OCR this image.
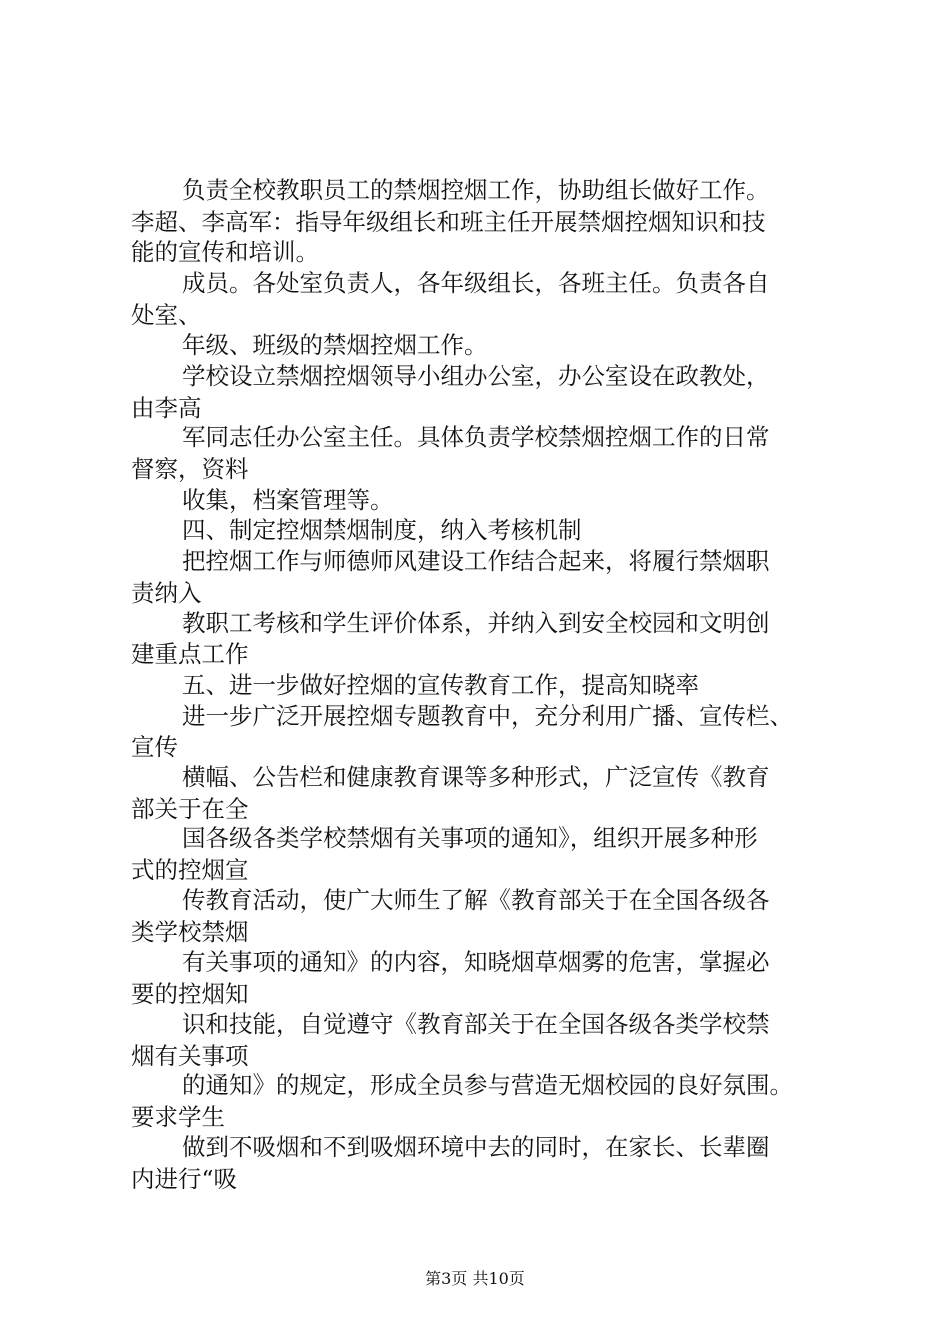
负责全校教职员工的禁烟控烟工作，协助组长做好工作。
李超、李高军：指导年级组长和班主任开展禁烟控烟知识和技
能的宣传和培训。
成员。各处室负责人，各年级组长，各班主任。负责各自
处室、
年级、班级的禁烟控烟工作。
学校设立禁烟控烟领导小组办公室，办公室设在政教处，
由李高
军同志任办公室主任。具体负责学校禁烟控烟工作的日常
督察，资料
收集，档案管理等。
四、制定控烟禁烟制度，纳入考核机制
把控烟工作与师德师风建设工作结合起来，将履行禁烟职
责纳入
教职工考核和学生评价体系，并纳入到安全校园和文明创
建重点工作
五、进一步做好控烟的宣传教育工作，提高知晓率
进一步广泛开展控烟专题教育中，充分利用广播、宣传栏、
宣传
横幅、公告栏和健康教育课等多种形式，广泛宣传《教育
部关于在全
国各级各类学校禁烟有关事项的通知》，组织开展多种形
式的控烟宣
传教育活动，使广大师生了解《教育部关于在全国各级各
类学校禁烟
有关事项的通知》的内容，知晓烟草烟雾的危害，掌握必
要的控烟知
识和技能，自觉遵守《教育部关于在全国各级各类学校禁
烟有关事项
的通知》的规定，形成全员参与营造无烟校园的良好氛围。
要求学生
做到不吸烟和不到吸烟环境中去的同时，在家长、长辈圈
内进行“吸
第3页 共10页
